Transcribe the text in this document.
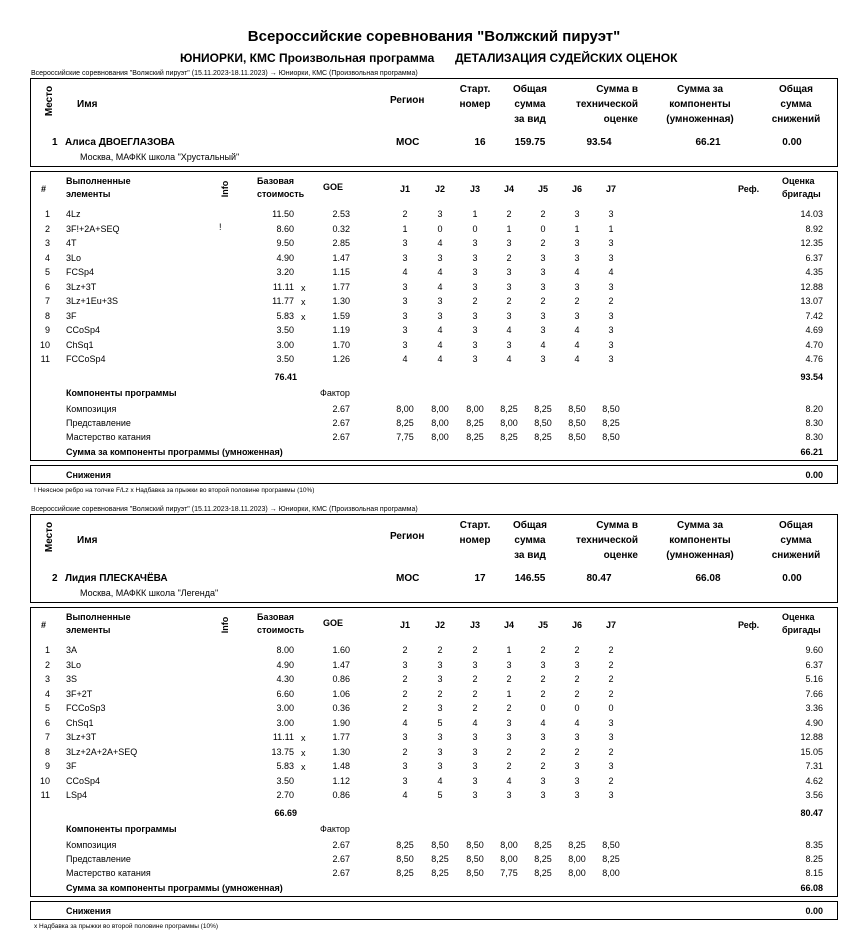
Всероссийские соревнования "Волжский пируэт"
ЮНИОРКИ, КМС Произвольная программа ДЕТАЛИЗАЦИЯ СУДЕЙСКИХ ОЦЕНОК
Всероссийские соревнования "Волжский пируэт" (15.11.2023-18.11.2023) → Юниорки, КМС (Произвольная программа)
Место	Имя	Регион
Старт.
номер
Общая
сумма
за вид
Сумма в
технической
оценке
Сумма за
компоненты
(умноженная)
Общая
сумма
снижений
1 Алиса ДВОЕГЛАЗОВА
Москва, МАФКК школа "Хрустальный"
МОС	16	159.75	93.54	66.21	0.00
#
Выполненные
элементы	Info	Базовая
стоимость
GOE	J1	J2	J3	J4	J5	J6	J7	Реф.
Оценка
бригады
1 4Lz	11.50	2.53	2	3	1	2	2	3	3	14.03
2 3F!+2A+SEQ	!	8.60	0.32	1	0	0	1	0	1	1	8.92
3 4T	9.50	2.85	3	4	3	3	2	3	3	12.35
4 3Lo	4.90	1.47	3	3	3	2	3	3	3	6.37
5 FCSp4	3.20	1.15	4	4	3	3	3	4	4	4.35
6 3Lz+3T	11.11 x	1.77	3	4	3	3	3	3	3	12.88
7 3Lz+1Eu+3S	11.77 x	1.30	3	3	2	2	2	2	2	13.07
8 3F	5.83 x	1.59	3	3	3	3	3	3	3	7.42
9 CCoSp4	3.50	1.19	3	4	3	4	3	4	3	4.69
10 ChSq1	3.00	1.70	3	4	3	3	4	4	3	4.70
11 FCCoSp4	3.50	1.26	4	4	3	4	3	4	3	4.76
76.41	93.54
Компоненты программы	Фактор
Композиция	2.67	8,00	8,00	8,00	8,25	8,25	8,50	8,50	8.20
Представление	2.67	8,25	8,00	8,25	8,00	8,50	8,50	8,25	8.30
Мастерство катания	2.67	7,75	8,00	8,25	8,25	8,25	8,50	8,50	8.30
Сумма за компоненты программы (умноженная)	66.21
Снижения	0.00
! Неясное ребро на толчке F/Lz x Надбавка за прыжки во второй половине программы (10%)
Всероссийские соревнования "Волжский пируэт" (15.11.2023-18.11.2023) → Юниорки, КМС (Произвольная программа)
Место	Имя	Регион
Старт.
номер
Общая
сумма
за вид
Сумма в
технической
оценке
Сумма за
компоненты
(умноженная)
Общая
сумма
снижений
2 Лидия ПЛЕСКАЧЁВА
Москва, МАФКК школа "Легенда"
МОС	17	146.55	80.47	66.08	0.00
#
Выполненные
элементы	Info	Базовая
стоимость
GOE	J1	J2	J3	J4	J5	J6	J7	Реф.
Оценка
бригады
1 3A	8.00	1.60	2	2	2	1	2	2	2	9.60
2 3Lo	4.90	1.47	3	3	3	3	3	3	2	6.37
3 3S	4.30	0.86	2	3	2	2	2	2	2	5.16
4 3F+2T	6.60	1.06	2	2	2	1	2	2	2	7.66
5 FCCoSp3	3.00	0.36	2	3	2	2	0	0	0	3.36
6 ChSq1	3.00	1.90	4	5	4	3	4	4	3	4.90
7 3Lz+3T	11.11 x	1.77	3	3	3	3	3	3	3	12.88
8 3Lz+2A+2A+SEQ	13.75 x	1.30	2	3	3	2	2	2	2	15.05
9 3F	5.83 x	1.48	3	3	3	2	2	3	3	7.31
10 CCoSp4	3.50	1.12	3	4	3	4	3	3	2	4.62
11 LSp4	2.70	0.86	4	5	3	3	3	3	3	3.56
66.69	80.47
Компоненты программы	Фактор
Композиция	2.67	8,25	8,50	8,50	8,00	8,25	8,25	8,50	8.35
Представление	2.67	8,50	8,25	8,50	8,00	8,25	8,00	8,25	8.25
Мастерство катания	2.67	8,25	8,25	8,50	7,75	8,25	8,00	8,00	8.15
Сумма за компоненты программы (умноженная)	66.08
Снижения	0.00
x Надбавка за прыжки во второй половине программы (10%)
